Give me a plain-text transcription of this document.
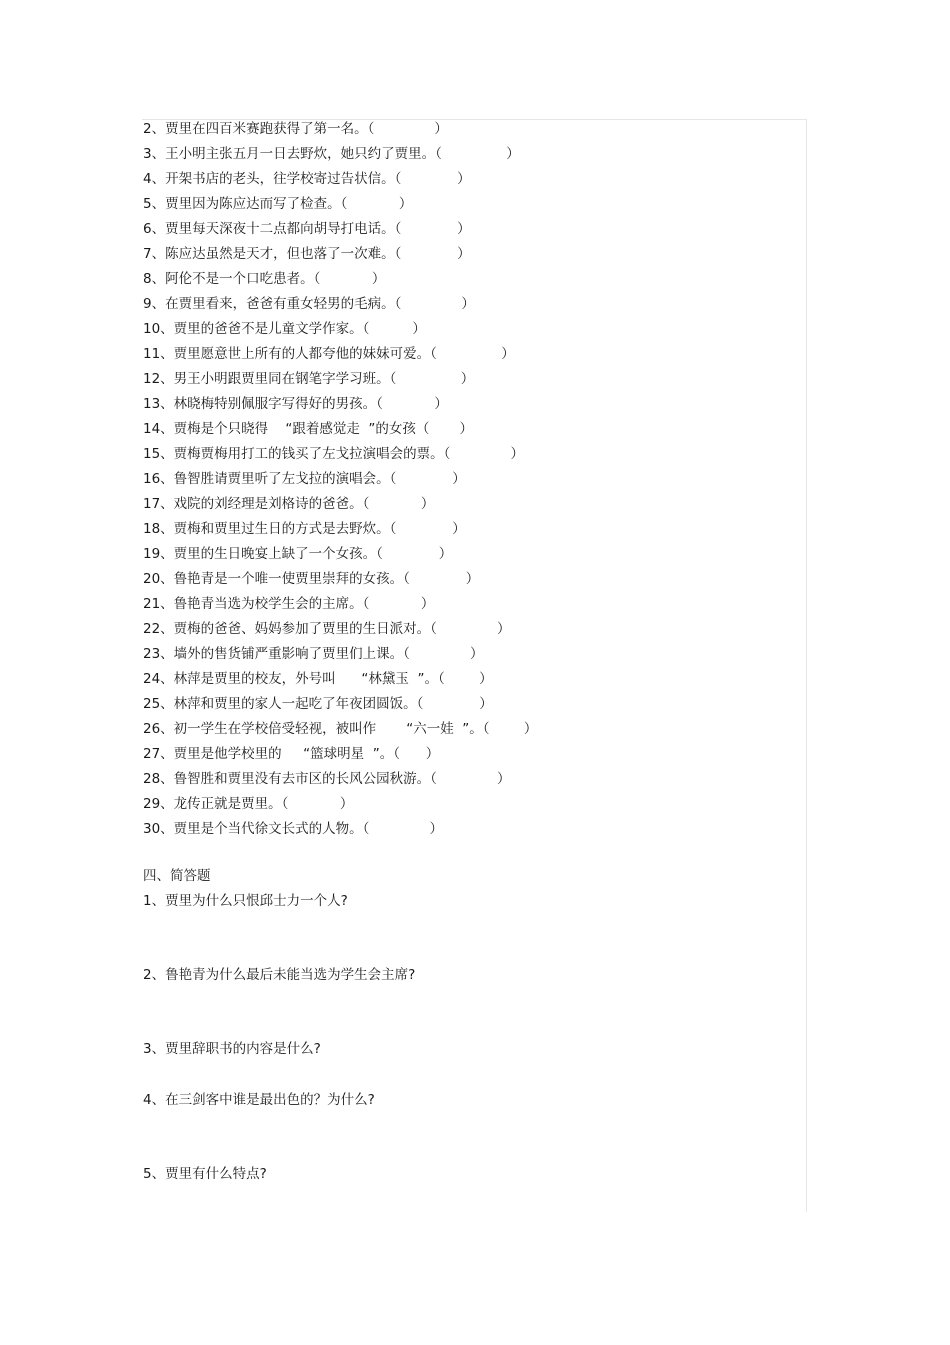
2、贾里在四百米赛跑获得了第一名。（              ）
3、王小明主张五月一日去野炊，她只约了贾里。（               ）
4、开架书店的老头，往学校寄过告状信。（             ）
5、贾里因为陈应达而写了检查。（            ）
6、贾里每天深夜十二点都向胡导打电话。（             ）
7、陈应达虽然是天才，但也落了一次难。（             ）
8、阿伦不是一个口吃患者。（            ）
9、在贾里看来，爸爸有重女轻男的毛病。（              ）
10、贾里的爸爸不是儿童文学作家。（          ）
11、贾里愿意世上所有的人都夸他的妹妹可爱。（               ）
12、男王小明跟贾里同在钢笔字学习班。（               ）
13、林晓梅特别佩服字写得好的男孩。（            ）
14、贾梅是个只晓得    “跟着感觉走  ”的女孩（       ）
15、贾梅贾梅用打工的钱买了左戈拉演唱会的票。（              ）
16、鲁智胜请贾里听了左戈拉的演唱会。（             ）
17、戏院的刘经理是刘格诗的爸爸。（            ）
18、贾梅和贾里过生日的方式是去野炊。（             ）
19、贾里的生日晚宴上缺了一个女孩。（             ）
20、鲁艳青是一个唯一使贾里崇拜的女孩。（             ）
21、鲁艳青当选为校学生会的主席。（            ）
22、贾梅的爸爸、妈妈参加了贾里的生日派对。（              ）
23、墙外的售货铺严重影响了贾里们上课。（              ）
24、林萍是贾里的校友，外号叫      “林黛玉  ”。（        ）
25、林萍和贾里的家人一起吃了年夜团圆饭。（             ）
26、初一学生在学校倍受轻视，被叫作       “六一娃  ”。（        ）
27、贾里是他学校里的     “篮球明星  ”。（      ）
28、鲁智胜和贾里没有去市区的长风公园秋游。（              ）
29、龙传正就是贾里。（            ）
30、贾里是个当代徐文长式的人物。（              ）
四、简答题
1、贾里为什么只恨邱士力一个人?
2、鲁艳青为什么最后未能当选为学生会主席?
3、贾里辞职书的内容是什么?
4、在三剑客中谁是最出色的？为什么?
5、贾里有什么特点?
